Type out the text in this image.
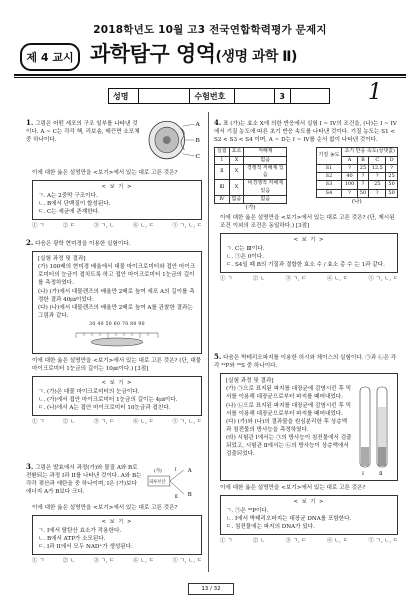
2018학년도 10월 고3 전국연합학력평가 문제지
제 4 교시 과학탐구 영역(생명 과학 Ⅱ)
성명	수험번호	3	1
1. 그림은 어떤 세포의 구조 일부를 나타낸 것이다. A ~ C는 각각 핵, 리보솜, 매끈면 소포체 중 하나이다.
A
B
C
이에 대한 옳은 설명만을 <보기>에서 있는 대로 고른 것은?
< 보 기 >
ㄱ. A는 2중막 구조이다.
ㄴ. B에서 단백질이 합성된다.
ㄷ. C는 세균에 존재한다.
① ㄱ	② ㄷ	③ ㄱ, ㄴ	④ ㄴ, ㄷ	⑤ ㄱ, ㄴ, ㄷ
2. 다음은 광학 현미경을 이용한 실험이다.
[실험 과정 및 결과]
(가) 100배의 현미경 배율에서 대물 마이크로미터와 접안 마이크로미터의 눈금이 겹치도록 하고 접안 마이크로미터 1눈금의 길이를 측정하였다.
(나) (가)에서 대물렌즈의 배율만 2배로 높여 세포 A의 길이를 측정한 결과 40㎛이었다.
(다) (나)에서 대물렌즈의 배율만 2배로 높여 A를 관찰한 결과는 그림과 같다.
30 40 50 60 70 80 90
이에 대한 옳은 설명만을 <보기>에서 있는 대로 고른 것은? (단, 대물 마이크로미터 1눈금의 길이는 10㎛이다.) [3점]
< 보 기 >
ㄱ. (가)은 대물 마이크로미터의 눈금이다.
ㄴ. (가)에서 접안 마이크로미터 1눈금의 길이는 4㎛이다.
ㄷ. (나)에서 A는 접안 마이크로미터 10눈금과 겹친다.
① ㄱ	② ㄴ	③ ㄱ, ㄷ	④ ㄴ, ㄷ	⑤ ㄱ, ㄴ, ㄷ
3. 그림은 발효에서 과정(가)와 물질 A와 B로 전환되는 과정 I과 II를 나타낸 것이다. A와 B는 각각 젖산과 에탄올 중 하나이며, I은 (가)보다 에너지 A가 B보다 크다.
피루브산
(가)	A
B
Ⅰ
Ⅱ
이에 대한 옳은 설명만을 <보기>에서 있는 대로 고른 것은?
< 보 기 >
ㄱ. I에서 탈탄산 효소가 작용한다.
ㄴ. B에서 ATP가 소모된다.
ㄷ. I과 II에서 모두 NAD⁺가 생성된다.
① ㄱ	② ㄴ	③ ㄱ, ㄷ	④ ㄴ, ㄷ	⑤ ㄱ, ㄴ, ㄷ
4. 표 (가)는 효소 X에 의한 반응에서 실험 I ~ IV의 조건을, (나)는 I ~ IV에서 기질 농도에 따른 초기 반응 속도를 나타낸 것이다. 기질 농도는 S1 < S2 < S3 < S4 이며, A ~ D는 I ~ IV를 순서 없이 나타낸 것이다.
실험	효소	저해제
Ⅰ	X	없음
Ⅱ	X	경쟁적 저해제 있음
Ⅲ	X	비경쟁적 저해제 있음
Ⅳ	없음	없음
(가)
기질 농도	초기 반응 속도(상댓값)			
	A	B	C	D
S1	?	25	12.5	?
S2	40	?	?	25
S3	100	?	25	50
S4	?	50	?	50
(나)
이에 대한 옳은 설명만을 <보기>에서 있는 대로 고른 것은? (단, 제시된 조건 이외의 조건은 동일하다.) [3점]
< 보 기 >
ㄱ. C는 Ⅲ이다.
ㄴ. ㉠은 0이다.
ㄷ. S4일 때 B의 기질과 결합한 효소 수 / 효소 총 수 는 1과 같다.
① ㄱ	② ㄴ	③ ㄱ, ㄷ	④ ㄴ, ㄷ	⑤ ㄱ, ㄴ, ㄷ
5. 다음은 박테리오파지를 이용한 허시와 체이스의 실험이다. ㉠과 ㉡은 각각 ³²P와 ³⁵S 중 하나이다.
[실험 과정 및 결과]
(가) ㉠으로 표지된 파지를 대장균에 감염시킨 후 믹서를 이용해 대장균으로부터 파지를 떼어내었다.
(나) ㉡으로 표지된 파지를 대장균에 감염시킨 후 믹서를 이용해 대장균으로부터 파지를 떼어내었다.
(다) (가)와 (나)의 결과물을 원심분리한 후 상층액과 침전물의 방사능을 측정하였다.
(라) 시험관 Ⅰ에서는 ㉠의 방사능이 침전물에서 검출되었고, 시험관 Ⅱ에서는 ㉡의 방사능이 상층액에서 검출되었다.
Ⅰ	Ⅱ
이에 대한 옳은 설명만을 <보기>에서 있는 대로 고른 것은?
< 보 기 >
ㄱ. ㉠은 ³²P이다.
ㄴ. Ⅰ에서 박테리오파지는 대장균 DNA를 포함한다.
ㄷ. 침전물에는 파지의 DNA가 있다.
① ㄱ	② ㄴ	③ ㄱ, ㄷ	④ ㄴ, ㄷ	⑤ ㄱ, ㄴ, ㄷ
13 / 32
